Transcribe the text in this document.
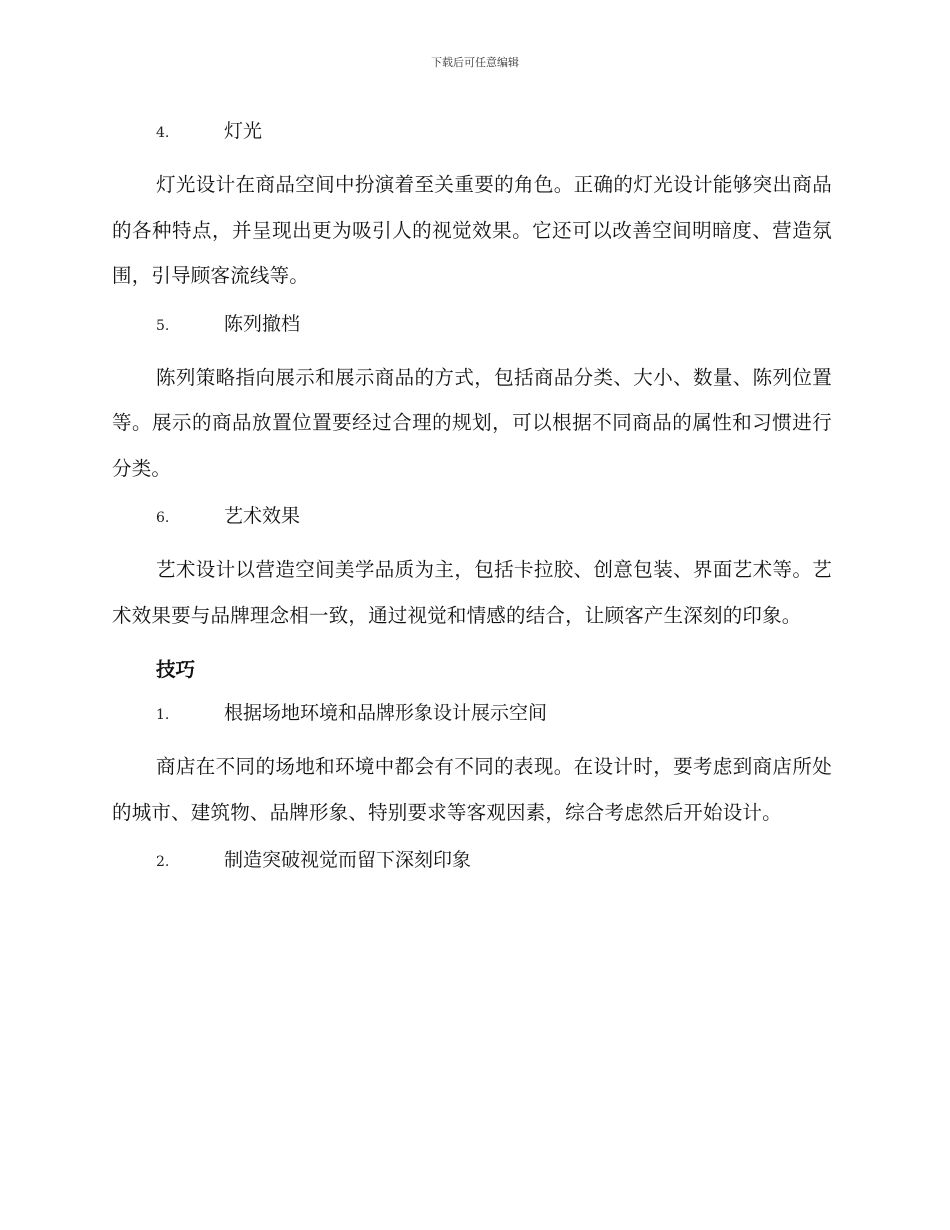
下载后可任意编辑
4.	灯光

灯光设计在商品空间中扮演着至关重要的角色。正确的灯光设计能够突出商品的各种特点，并呈现出更为吸引人的视觉效果。它还可以改善空间明暗度、营造氛围，引导顾客流线等。

5.	陈列撤档

陈列策略指向展示和展示商品的方式，包括商品分类、大小、数量、陈列位置等。展示的商品放置位置要经过合理的规划，可以根据不同商品的属性和习惯进行分类。

6.	艺术效果

艺术设计以营造空间美学品质为主，包括卡拉胶、创意包装、界面艺术等。艺术效果要与品牌理念相一致，通过视觉和情感的结合，让顾客产生深刻的印象。

技巧
1.	根据场地环境和品牌形象设计展示空间

商店在不同的场地和环境中都会有不同的表现。在设计时，要考虑到商店所处的城市、建筑物、品牌形象、特别要求等客观因素，综合考虑然后开始设计。

2.	制造突破视觉而留下深刻印象
